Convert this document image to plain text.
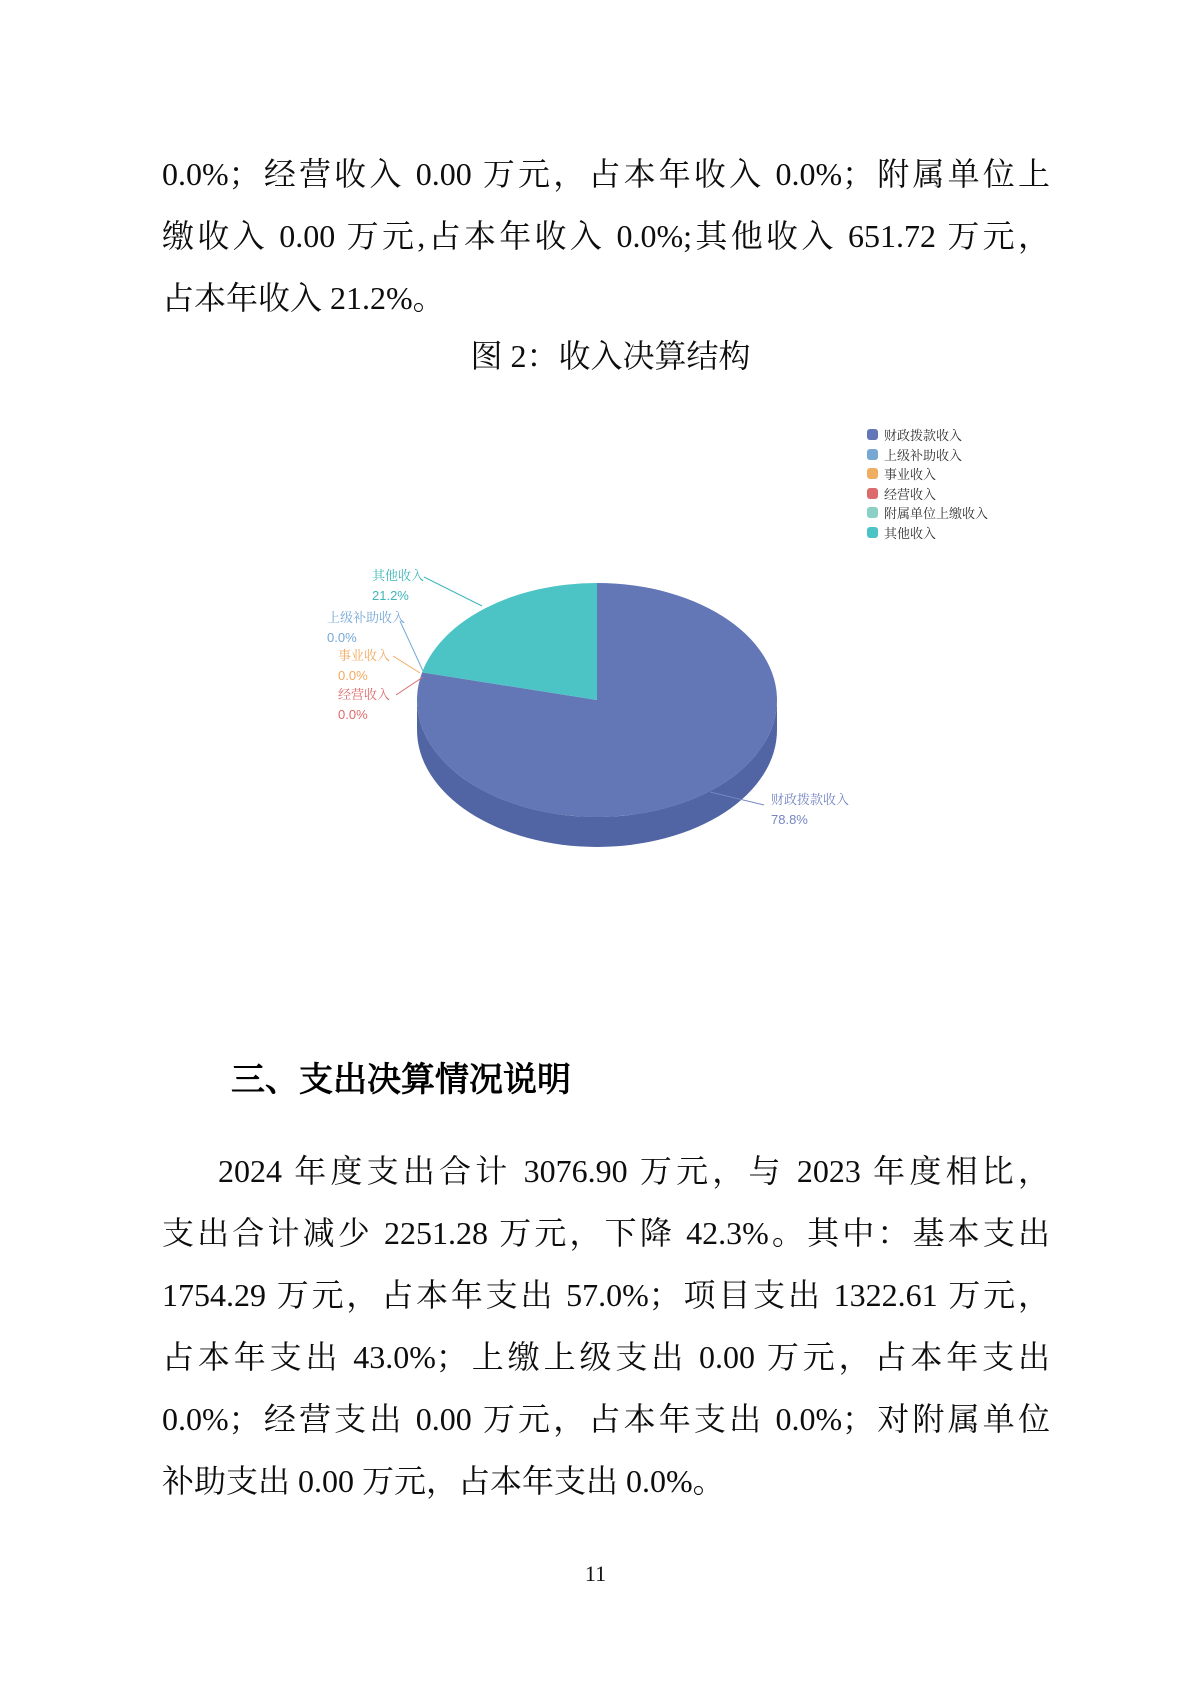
0.0%；经营收入 0.00 万元，占本年收入 0.0%；附属单位上
缴收入 0.00 万元,占本年收入 0.0%;其他收入 651.72 万元，
占本年收入 21.2%。
图 2：收入决算结构
财政拨款收入
上级补助收入
事业收入
经营收入
附属单位上缴收入
其他收入
其他收入
21.2%
上级补助收入
0.0%
事业收入
0.0%
经营收入
0.0%
财政拨款收入
78.8%
三、支出决算情况说明
2024 年度支出合计 3076.90 万元，与 2023 年度相比，
支出合计减少 2251.28 万元，下降 42.3%。其中：基本支出
1754.29 万元，占本年支出 57.0%；项目支出 1322.61 万元，
占本年支出 43.0%；上缴上级支出 0.00 万元，占本年支出
0.0%；经营支出 0.00 万元，占本年支出 0.0%；对附属单位
补助支出 0.00 万元，占本年支出 0.0%。
11
